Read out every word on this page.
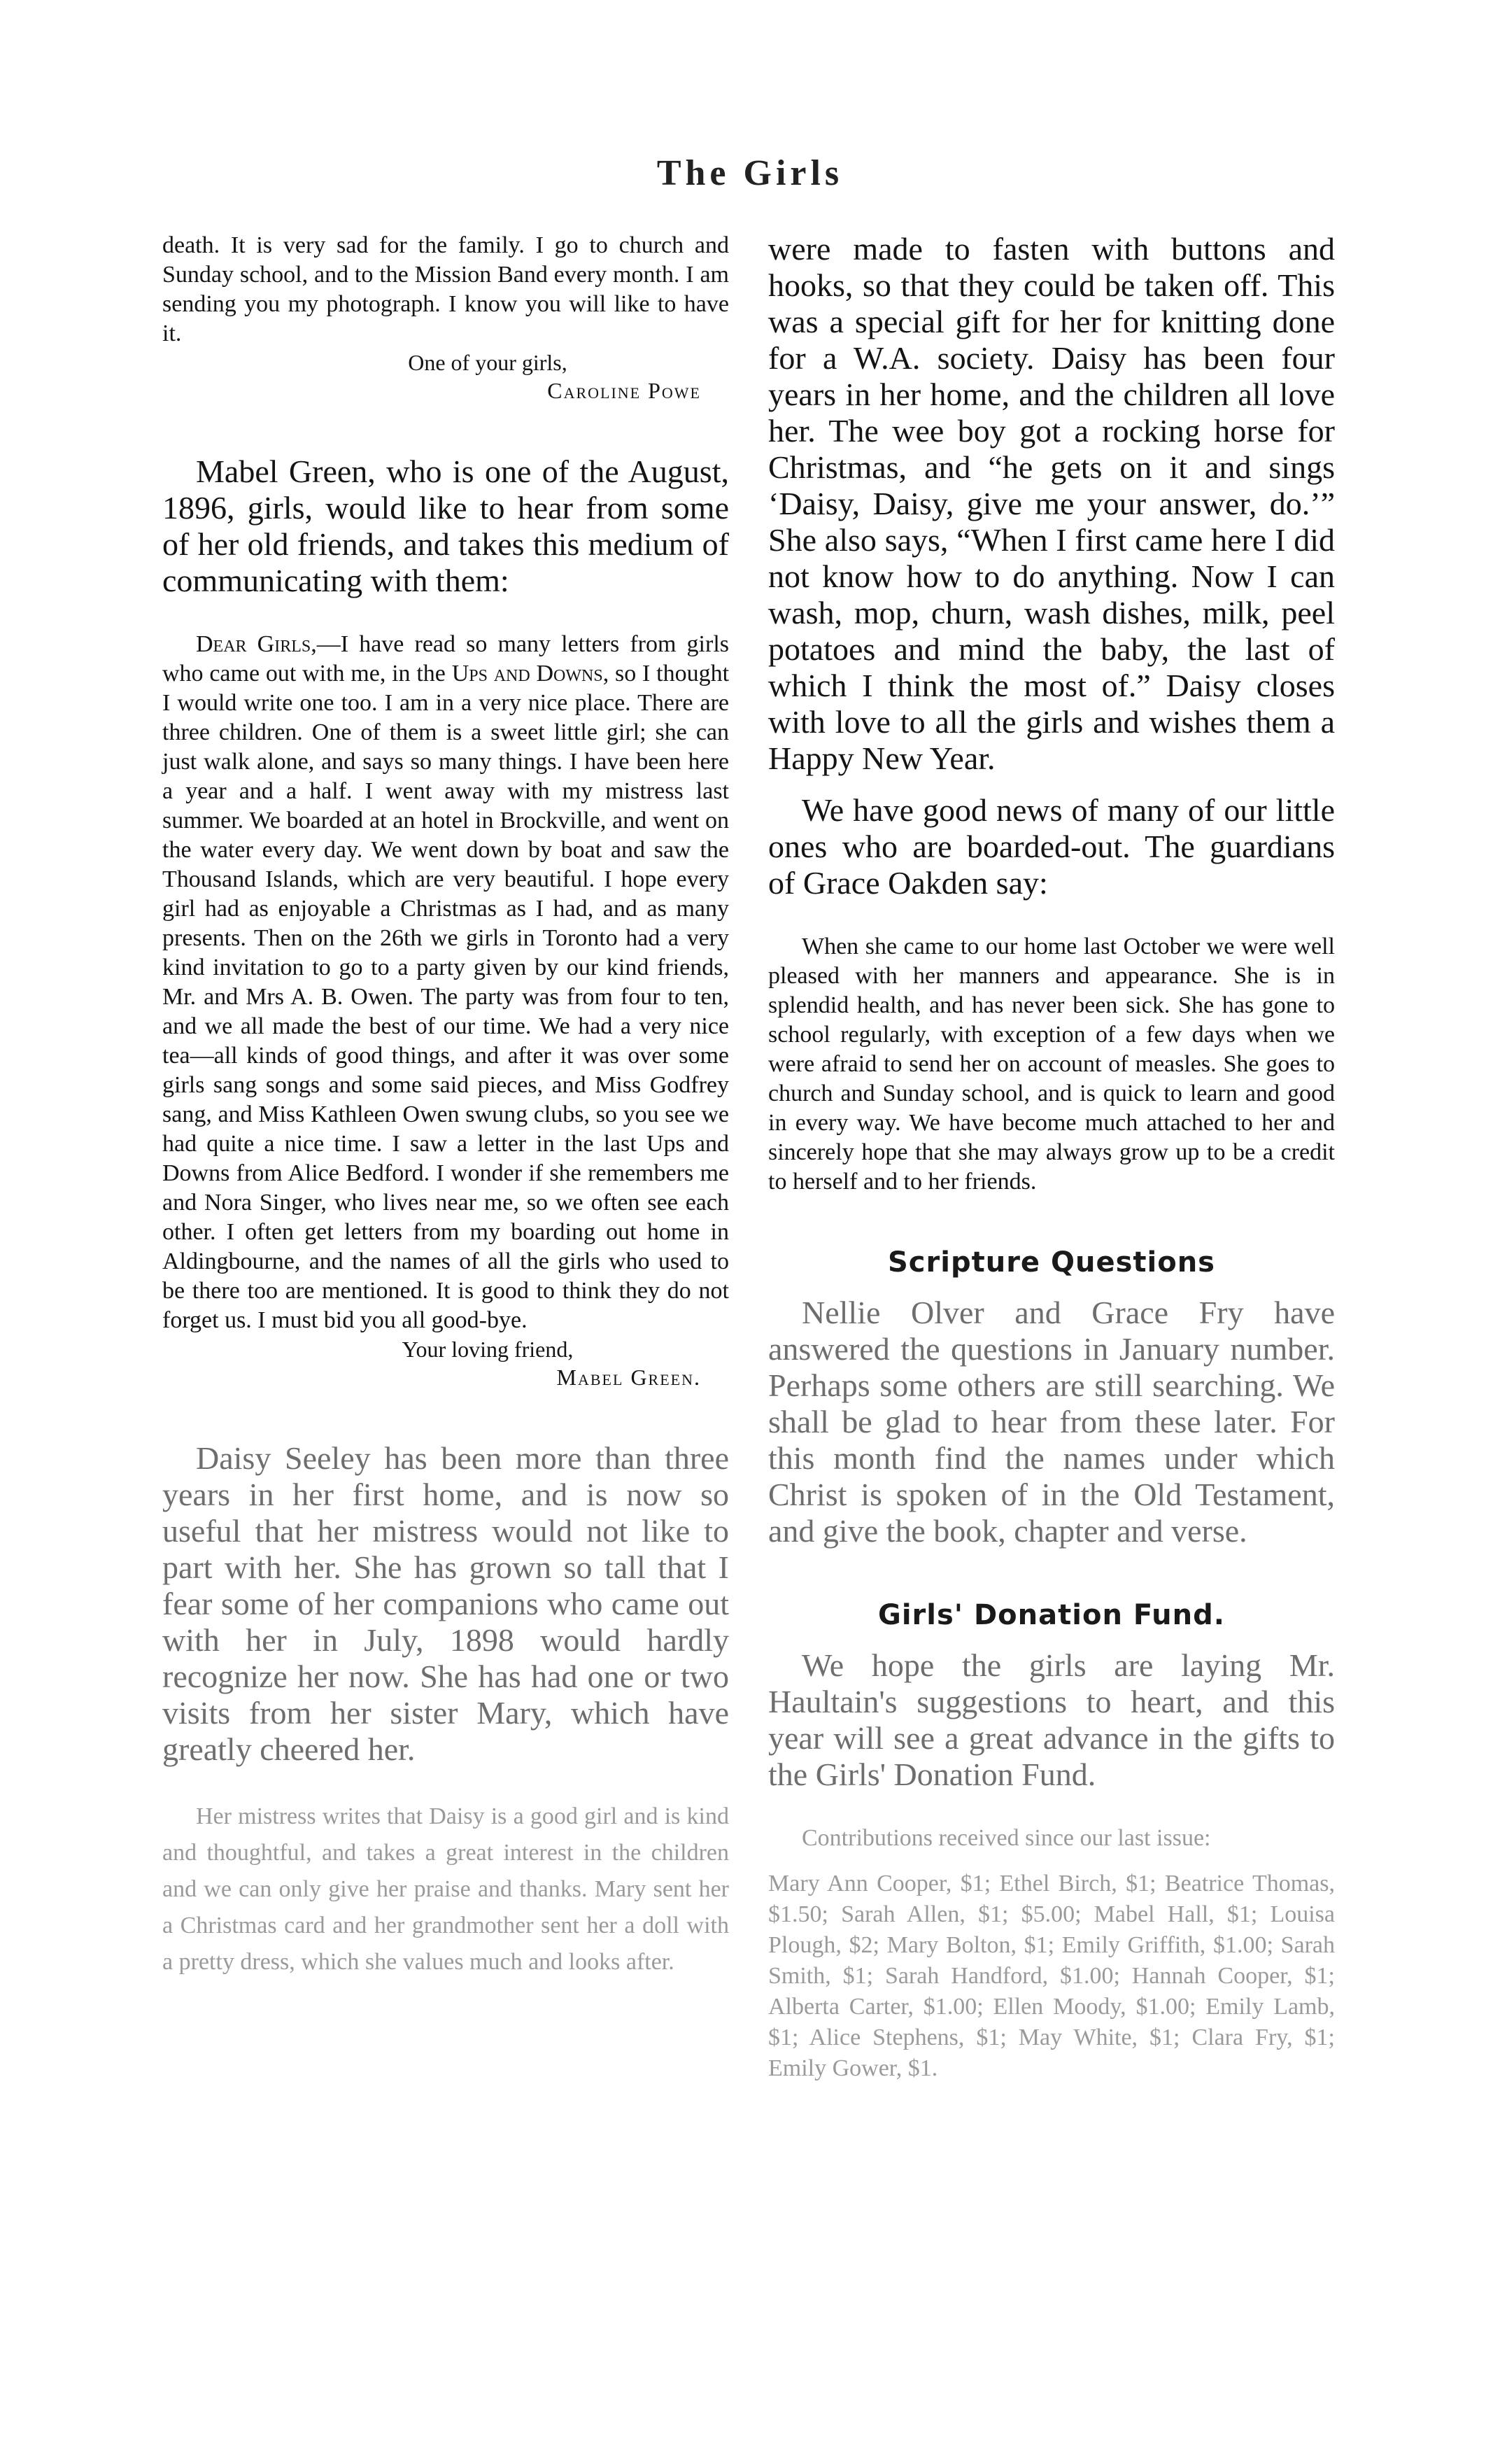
The Girls

death. It is very sad for the family. I go to church and Sunday school, and to the Mission Band every month. I am sending you my photograph. I know you will like to have it.

One of your girls,
Caroline Powe

Mabel Green, who is one of the August, 1896, girls, would like to hear from some of her old friends, and takes this medium of communicating with them:

Dear Girls,—I have read so many letters from girls who came out with me, in the Ups and Downs, so I thought I would write one too. I am in a very nice place. There are three children. One of them is a sweet little girl; she can just walk alone, and says so many things. I have been here a year and a half. I went away with my mistress last summer. We boarded at an hotel in Brockville, and went on the water every day. We went down by boat and saw the Thousand Islands, which are very beautiful. I hope every girl had as enjoyable a Christmas as I had, and as many presents. Then on the 26th we girls in Toronto had a very kind invitation to go to a party given by our kind friends, Mr. and Mrs A. B. Owen. The party was from four to ten, and we all made the best of our time. We had a very nice tea—all kinds of good things, and after it was over some girls sang songs and some said pieces, and Miss Godfrey sang, and Miss Kathleen Owen swung clubs, so you see we had quite a nice time. I saw a letter in the last Ups and Downs from Alice Bedford. I wonder if she remembers me and Nora Singer, who lives near me, so we often see each other. I often get letters from my boarding out home in Aldingbourne, and the names of all the girls who used to be there too are mentioned. It is good to think they do not forget us. I must bid you all good-bye.

Your loving friend,
Mabel Green.

Daisy Seeley has been more than three years in her first home, and is now so useful that her mistress would not like to part with her. She has grown so tall that I fear some of her companions who came out with her in July, 1898 would hardly recognize her now. She has had one or two visits from her sister Mary, which have greatly cheered her.

Her mistress writes that Daisy is a good girl and is kind and thoughtful, and takes a great interest in the children and we can only give her praise and thanks. Mary sent her a Christmas card and her grandmother sent her a doll with a pretty dress, which she values much and looks after.

were made to fasten with buttons and hooks, so that they could be taken off. This was a special gift for her for knitting done for a W.A. society. Daisy has been four years in her home, and the children all love her. The wee boy got a rocking horse for Christmas, and “he gets on it and sings ‘Daisy, Daisy, give me your answer, do.’” She also says, “When I first came here I did not know how to do anything. Now I can wash, mop, churn, wash dishes, milk, peel potatoes and mind the baby, the last of which I think the most of.” Daisy closes with love to all the girls and wishes them a Happy New Year.

We have good news of many of our little ones who are boarded-out. The guardians of Grace Oakden say:

When she came to our home last October we were well pleased with her manners and appearance. She is in splendid health, and has never been sick. She has gone to school regularly, with exception of a few days when we were afraid to send her on account of measles. She goes to church and Sunday school, and is quick to learn and good in every way. We have become much attached to her and sincerely hope that she may always grow up to be a credit to herself and to her friends.

Scripture Questions

Nellie Olver and Grace Fry have answered the questions in January number. Perhaps some others are still searching. We shall be glad to hear from these later. For this month find the names under which Christ is spoken of in the Old Testament, and give the book, chapter and verse.

Girls' Donation Fund.

We hope the girls are laying Mr. Haultain's suggestions to heart, and this year will see a great advance in the gifts to the Girls' Donation Fund.

Contributions received since our last issue:

Mary Ann Cooper, $1; Ethel Birch, $1; Beatrice Thomas, $1.50; Sarah Allen, $1; $5.00; Mabel Hall, $1; Louisa Plough, $2; Mary Bolton, $1; Emily Griffith, $1.00; Sarah Smith, $1; Sarah Handford, $1.00; Hannah Cooper, $1; Alberta Carter, $1.00; Ellen Moody, $1.00; Emily Lamb, $1; Alice Stephens, $1; May White, $1; Clara Fry, $1; Emily Gower, $1.
